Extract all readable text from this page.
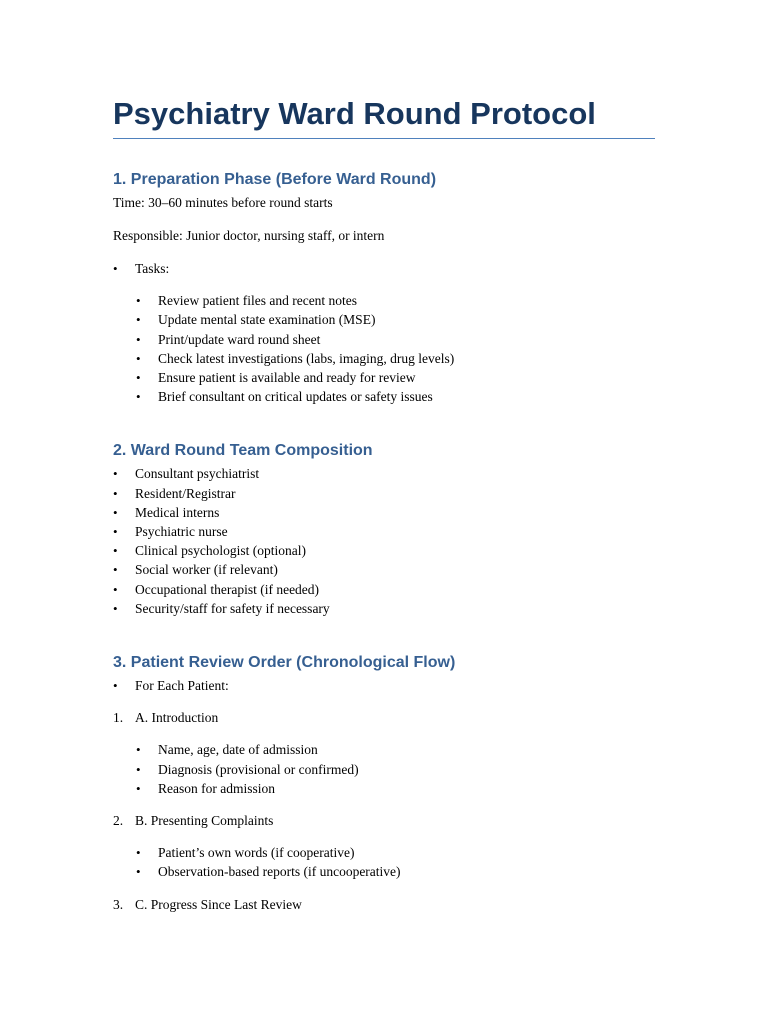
Psychiatry Ward Round Protocol
1. Preparation Phase (Before Ward Round)

Time: 30–60 minutes before round starts

Responsible: Junior doctor, nursing staff, or intern

• Tasks:
• Review patient files and recent notes
• Update mental state examination (MSE)
• Print/update ward round sheet
• Check latest investigations (labs, imaging, drug levels)
• Ensure patient is available and ready for review
• Brief consultant on critical updates or safety issues
2. Ward Round Team Composition
• Consultant psychiatrist
• Resident/Registrar
• Medical interns
• Psychiatric nurse
• Clinical psychologist (optional)
• Social worker (if relevant)
• Occupational therapist (if needed)
• Security/staff for safety if necessary
3. Patient Review Order (Chronological Flow)
• For Each Patient:
1. A. Introduction
• Name, age, date of admission
• Diagnosis (provisional or confirmed)
• Reason for admission
2. B. Presenting Complaints
• Patient’s own words (if cooperative)
• Observation-based reports (if uncooperative)
3. C. Progress Since Last Review
